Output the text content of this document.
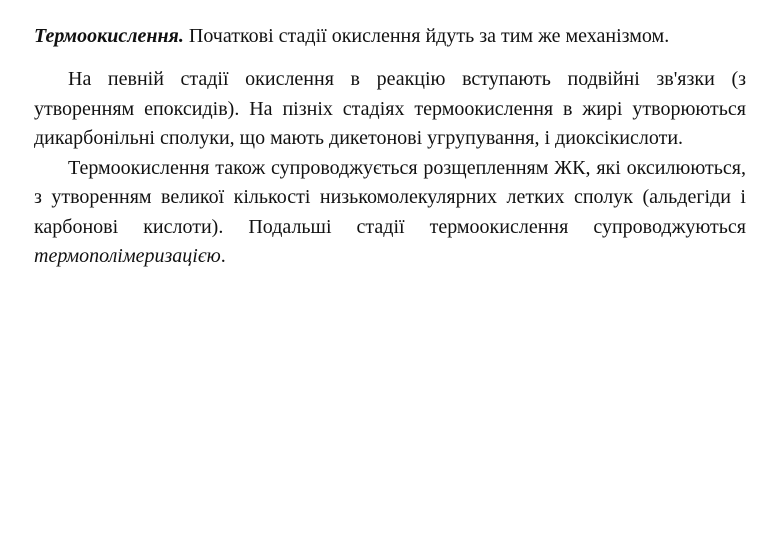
Термоокислення. Початкові стадії окислення йдуть за тим же механізмом.

На певній стадії окислення в реакцію вступають подвійні зв'язки (з утворенням епоксидів). На пізніх стадіях термоокислення в жирі утворюються дикарбонільні сполуки, що мають дикетонові угрупування, і диоксікислоти.

Термоокислення також супроводжується розщепленням ЖК, які оксилюються, з утворенням великої кількості низькомолекулярних летких сполук (альдегіди і карбонові кислоти). Подальші стадії термоокислення супроводжуються термополімеризацією.
